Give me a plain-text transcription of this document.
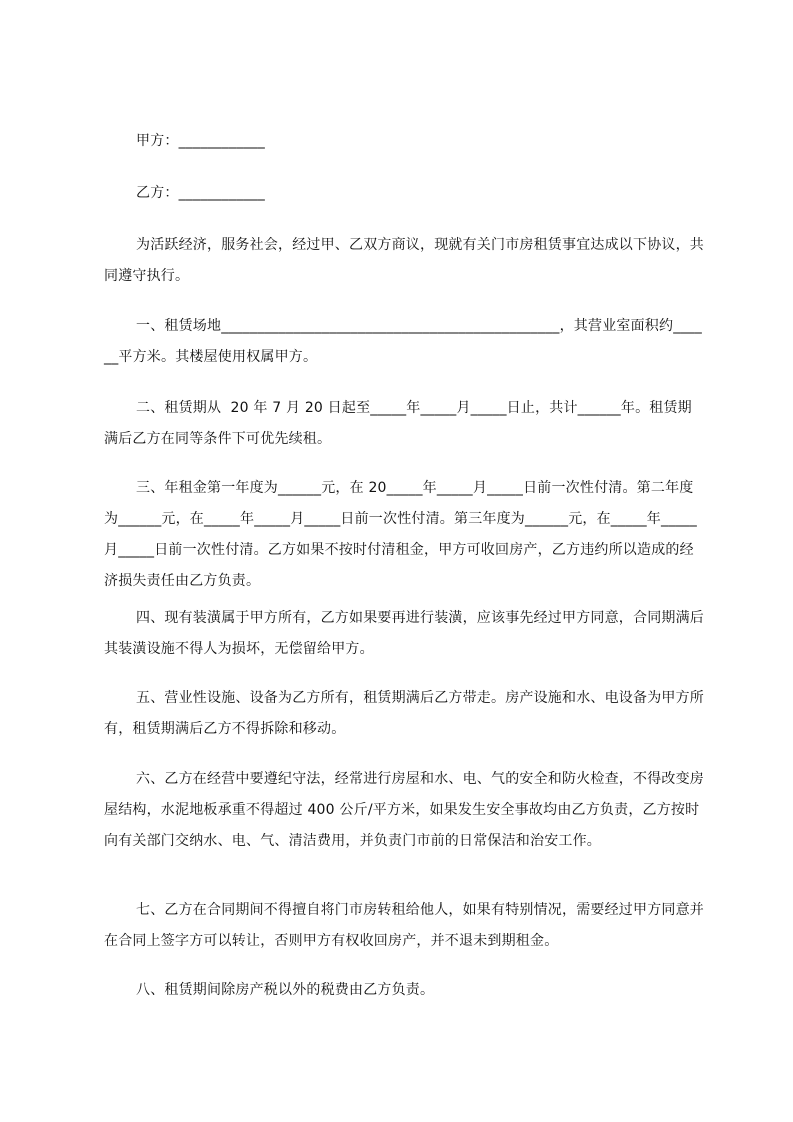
甲方：____________
乙方：____________
为活跃经济，服务社会，经过甲、乙双方商议，现就有关门市房租赁事宜达成以下协议，共同遵守执行。
一、租赁场地_______________________________________________，其营业室面积约______平方米。其楼屋使用权属甲方。
二、租赁期从  20 年 7 月 20 日起至_____年_____月_____日止，共计______年。租赁期满后乙方在同等条件下可优先续租。
三、年租金第一年度为______元，在 20_____年_____月_____日前一次性付清。第二年度为______元，在_____年_____月_____日前一次性付清。第三年度为______元，在_____年_____月_____日前一次性付清。乙方如果不按时付清租金，甲方可收回房产，乙方违约所以造成的经济损失责任由乙方负责。
四、现有装潢属于甲方所有，乙方如果要再进行装潢，应该事先经过甲方同意，合同期满后其装潢设施不得人为损坏，无偿留给甲方。
五、营业性设施、设备为乙方所有，租赁期满后乙方带走。房产设施和水、电设备为甲方所有，租赁期满后乙方不得拆除和移动。
六、乙方在经营中要遵纪守法，经常进行房屋和水、电、气的安全和防火检查，不得改变房屋结构，水泥地板承重不得超过 400 公斤/平方米，如果发生安全事故均由乙方负责，乙方按时向有关部门交纳水、电、气、清洁费用，并负责门市前的日常保洁和治安工作。
七、乙方在合同期间不得擅自将门市房转租给他人，如果有特别情况，需要经过甲方同意并在合同上签字方可以转让，否则甲方有权收回房产，并不退未到期租金。
八、租赁期间除房产税以外的税费由乙方负责。
